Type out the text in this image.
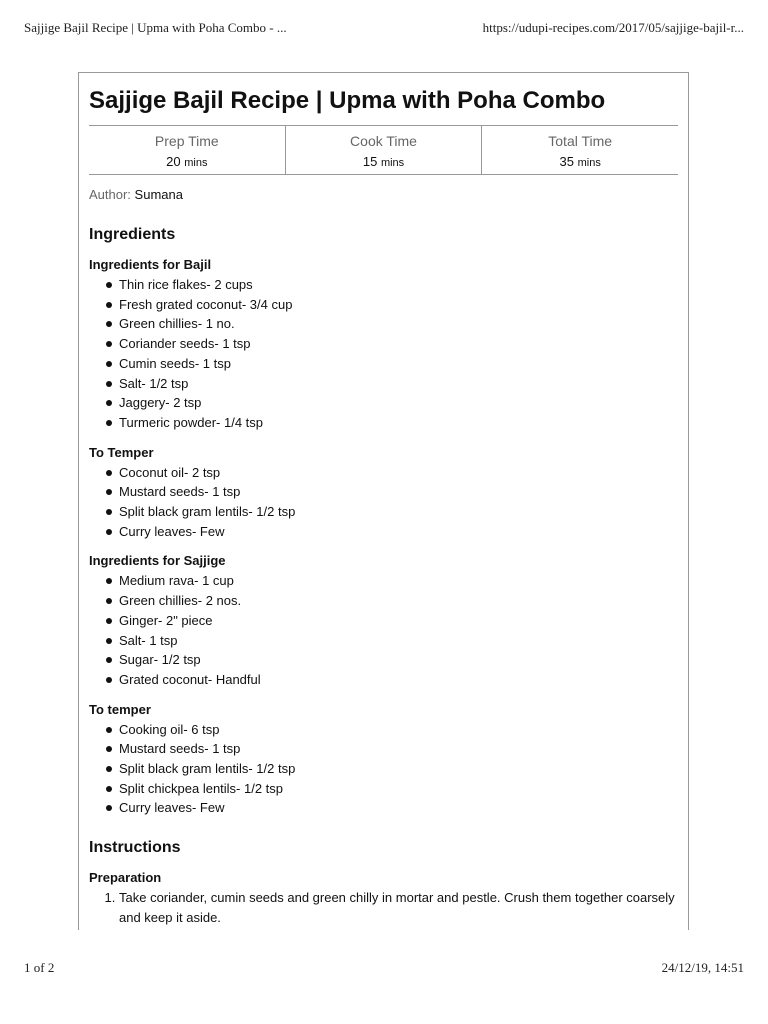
Sajjige Bajil Recipe | Upma with Poha Combo - ...	https://udupi-recipes.com/2017/05/sajjige-bajil-r...
Sajjige Bajil Recipe | Upma with Poha Combo
Prep Time
20 mins
Cook Time
15 mins
Total Time
35 mins
Author: Sumana
Ingredients
Ingredients for Bajil
Thin rice flakes- 2 cups
Fresh grated coconut- 3/4 cup
Green chillies- 1 no.
Coriander seeds- 1 tsp
Cumin seeds- 1 tsp
Salt- 1/2 tsp
Jaggery- 2 tsp
Turmeric powder- 1/4 tsp
To Temper
Coconut oil- 2 tsp
Mustard seeds- 1 tsp
Split black gram lentils- 1/2 tsp
Curry leaves- Few
Ingredients for Sajjige
Medium rava- 1 cup
Green chillies- 2 nos.
Ginger- 2" piece
Salt- 1 tsp
Sugar- 1/2 tsp
Grated coconut- Handful
To temper
Cooking oil- 6 tsp
Mustard seeds- 1 tsp
Split black gram lentils- 1/2 tsp
Split chickpea lentils- 1/2 tsp
Curry leaves- Few
Instructions
Preparation
1. Take coriander, cumin seeds and green chilly in mortar and pestle. Crush them together coarsely and keep it aside.
1 of 2	24/12/19, 14:51
